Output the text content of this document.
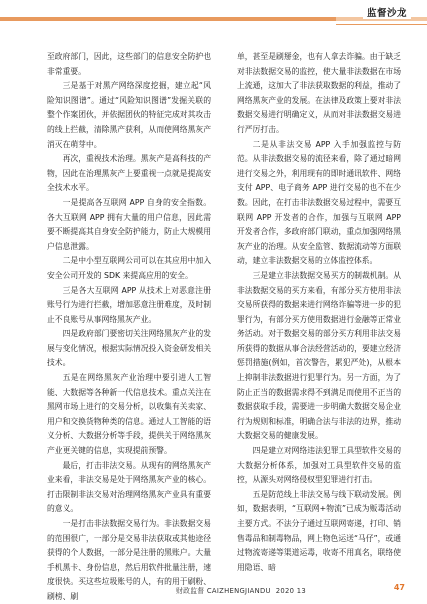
监督沙龙

至政府部门，因此，这些部门的信息安全防护也非常重要。

三是基于对黑产网络深度挖掘，建立起“风险知识图谱”。通过“风险知识图谱”发掘关联的整个作案团伙，并依据团伙的特征完成对其攻击的线上拦截，清除黑产获利，从而使网络黑灰产消灭在萌芽中。

再次，重视技术治理。黑灰产是高科技的产物，因此在治理黑灰产上要重视一点就是提高安全技术水平。

一是提高各互联网 APP 自身的安全指数。各大互联网 APP 拥有大量的用户信息，因此需要不断提高其自身安全防护能力，防止大规模用户信息泄露。

二是中小型互联网公司可以在其应用中加入安全公司开发的 SDK 来提高应用的安全。

三是各大互联网 APP 从技术上对恶意注册账号行为进行拦截，增加恶意注册难度，及时制止不良账号从事网络黑灰产业。

四是政府部门要密切关注网络黑灰产业的发展与变化情况，根据实际情况投入资金研发相关技术。

五是在网络黑灰产业治理中要引进人工智能、大数据等各种新一代信息技术。重点关注在黑网市场上进行的交易分析，以收集有关卖家、用户和交换货物种类的信息。通过人工智能的语义分析、大数据分析等手段，提供关于网络黑灰产业更关键的信息，实现提前预警。

最后，打击非法交易。从现有的网络黑灰产业来看，非法交易是处于网络黑灰产业的核心。打击限制非法交易对治理网络黑灰产业具有重要的意义。

一是打击非法数据交易行为。非法数据交易的范围很广，一部分是交易非法获取或其他途径获得的个人数据，一部分是注册的黑账户。大量手机黑卡、身份信息，然后用软件批量注册，速度很快。买这些垃圾账号的人，有的用于刷粉、刷榜、刷

单，甚至是刷掰金，也有人拿去诈骗。由于缺乏对非法数据交易的监控，使大量非法数据在市场上流通，这加大了非法获取数据的利益，推动了网络黑灰产业的发展。在法律及政策上要对非法数据交易进行明确定义，从而对非法数据交易进行严厉打击。

二是从非法交易 APP 入手加强监控与防范。从非法数据交易的流径来看，除了通过暗网进行交易之外，利用现有的即时通讯软件、网络支付 APP、电子商务 APP 进行交易的也不在少数。因此，在打击非法数据交易过程中，需要互联网 APP 开发者的合作，加强与互联网 APP 开发者合作，多政府部门联动，重点加强网络黑灰产业的治理。从安全监管、数据流动等方面联动，建立非法数据交易的立体监控体系。

三是建立非法数据交易买方的制裁机制。从非法数据交易的买方来看，有部分买方使用非法交易所获得的数据来进行网络诈骗等进一步的犯罪行为，有部分买方使用数据进行金融等正常业务活动。对于数据交易的部分买方利用非法交易所获得的数据从事合法经营活动的，要建立经济惩罚措施(例如，首次警告，累犯严处)，从根本上抑制非法数据进行犯罪行为。另一方面，为了防止正当的数据需求得不到满足而使用不正当的数据获取手段，需要进一步明确大数据交易企业行为规则和标准，明确合法与非法的边界，推动大数据交易的健康发展。

四是建立对网络违法犯罪工具型软件交易的大数据分析体系，加强对工具型软件交易的监控，从源头对网络侵权型犯罪进行打击。

五是防范线上非法交易与线下联动发展。例如，数据表明，“互联网+物流”已成为贩毒活动主要方式。不法分子通过互联网寄递，打印、销售毒品和制毒物品，网上物色运送“马仔”，或通过物流寄递等渠道运毒，收寄不用真名，联络使用隐语、暗

财政监督 CAIZHENGJIANDU 2020 13	47
